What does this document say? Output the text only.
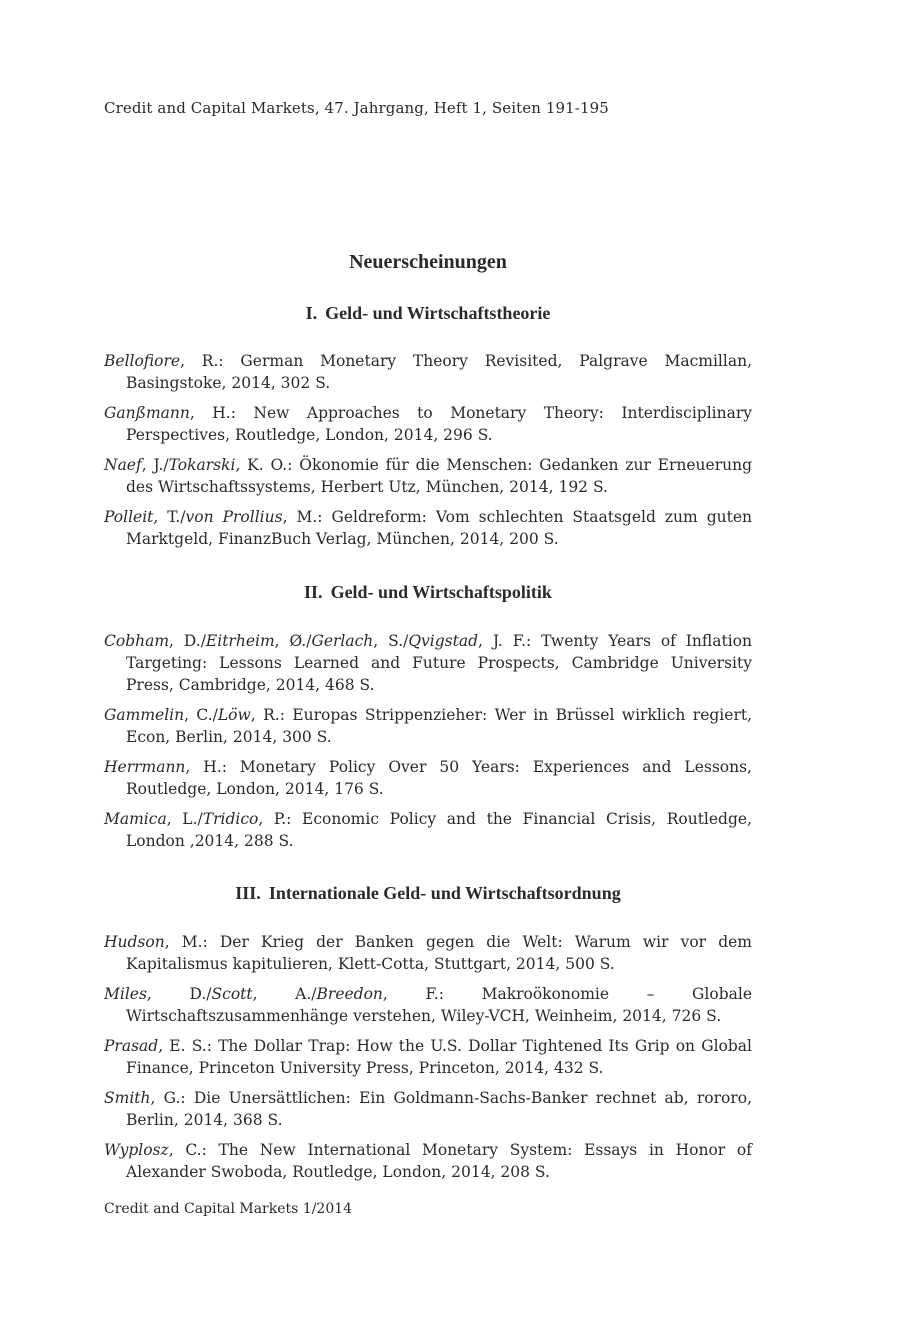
Credit and Capital Markets, 47. Jahrgang, Heft 1, Seiten 191-195
Neuerscheinungen
I. Geld- und Wirtschaftstheorie
Bellofiore, R.: German Monetary Theory Revisited, Palgrave Macmillan, Basingstoke, 2014, 302 S.
Ganßmann, H.: New Approaches to Monetary Theory: Interdisciplinary Perspectives, Routledge, London, 2014, 296 S.
Naef, J./Tokarski, K. O.: Ökonomie für die Menschen: Gedanken zur Erneuerung des Wirtschaftssystems, Herbert Utz, München, 2014, 192 S.
Polleit, T./von Prollius, M.: Geldreform: Vom schlechten Staatsgeld zum guten Marktgeld, FinanzBuch Verlag, München, 2014, 200 S.
II. Geld- und Wirtschaftspolitik
Cobham, D./Eitrheim, Ø./Gerlach, S./Qvigstad, J. F.: Twenty Years of Inflation Targeting: Lessons Learned and Future Prospects, Cambridge University Press, Cambridge, 2014, 468 S.
Gammelin, C./Löw, R.: Europas Strippenzieher: Wer in Brüssel wirklich regiert, Econ, Berlin, 2014, 300 S.
Herrmann, H.: Monetary Policy Over 50 Years: Experiences and Lessons, Routledge, London, 2014, 176 S.
Mamica, L./Tridico, P.: Economic Policy and the Financial Crisis, Routledge, London ,2014, 288 S.
III. Internationale Geld- und Wirtschaftsordnung
Hudson, M.: Der Krieg der Banken gegen die Welt: Warum wir vor dem Kapitalismus kapitulieren, Klett-Cotta, Stuttgart, 2014, 500 S.
Miles, D./Scott, A./Breedon, F.: Makroökonomie – Globale Wirtschaftszusammenhänge verstehen, Wiley-VCH, Weinheim, 2014, 726 S.
Prasad, E. S.: The Dollar Trap: How the U.S. Dollar Tightened Its Grip on Global Finance, Princeton University Press, Princeton, 2014, 432 S.
Smith, G.: Die Unersättlichen: Ein Goldmann-Sachs-Banker rechnet ab, rororo, Berlin, 2014, 368 S.
Wyplosz, C.: The New International Monetary System: Essays in Honor of Alexander Swoboda, Routledge, London, 2014, 208 S.
Credit and Capital Markets 1/2014
